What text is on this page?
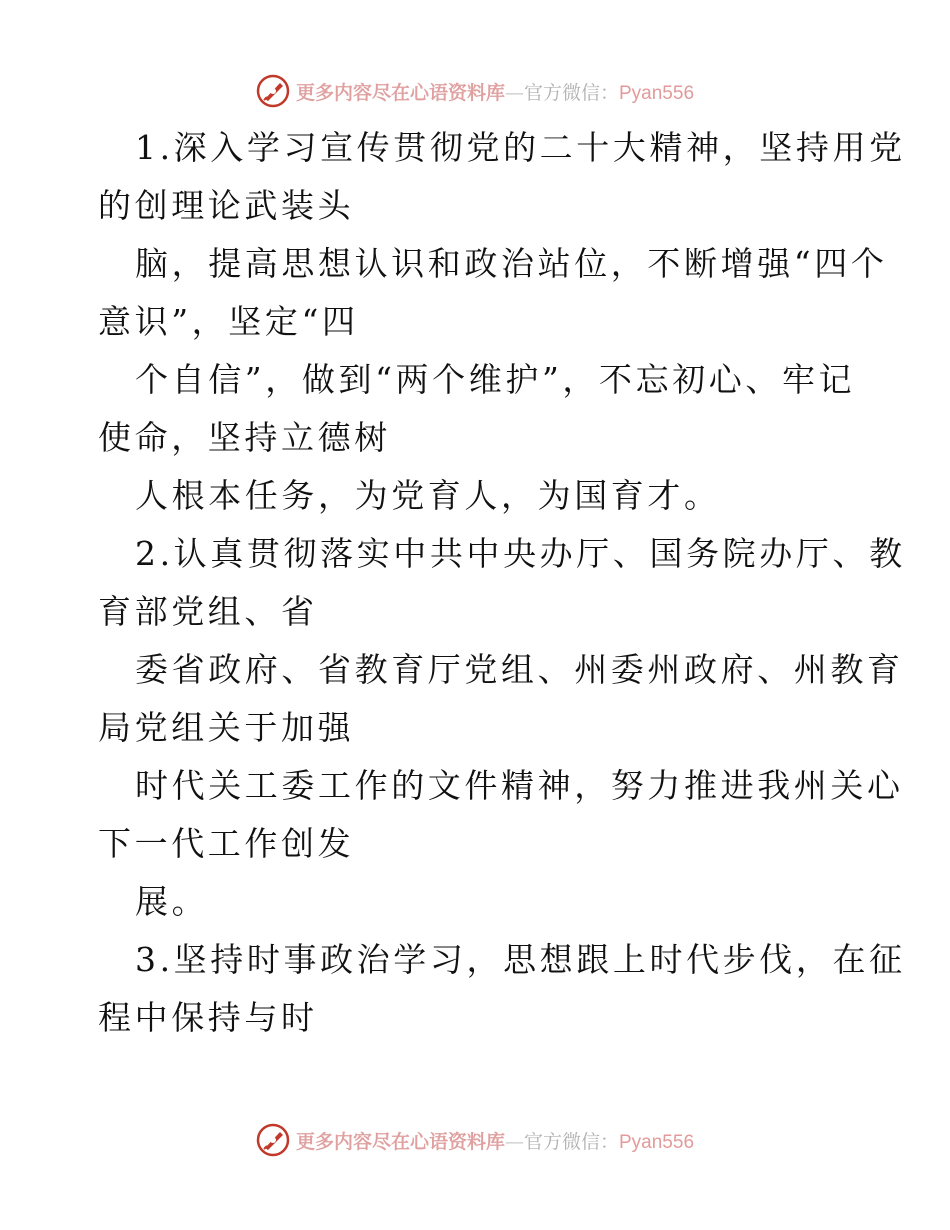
更多内容尽在心语资料库—官方微信：Pyan556
1.深入学习宣传贯彻党的二十大精神，坚持用党
的创理论武装头
脑，提高思想认识和政治站位，不断增强“四个
意识”，坚定“四
个自信”，做到“两个维护”，不忘初心、牢记
使命，坚持立德树
人根本任务，为党育人，为国育才。
2.认真贯彻落实中共中央办厅、国务院办厅、教
育部党组、省
委省政府、省教育厅党组、州委州政府、州教育
局党组关于加强
时代关工委工作的文件精神，努力推进我州关心
下一代工作创发
展。
3.坚持时事政治学习，思想跟上时代步伐，在征
程中保持与时
更多内容尽在心语资料库—官方微信：Pyan556
